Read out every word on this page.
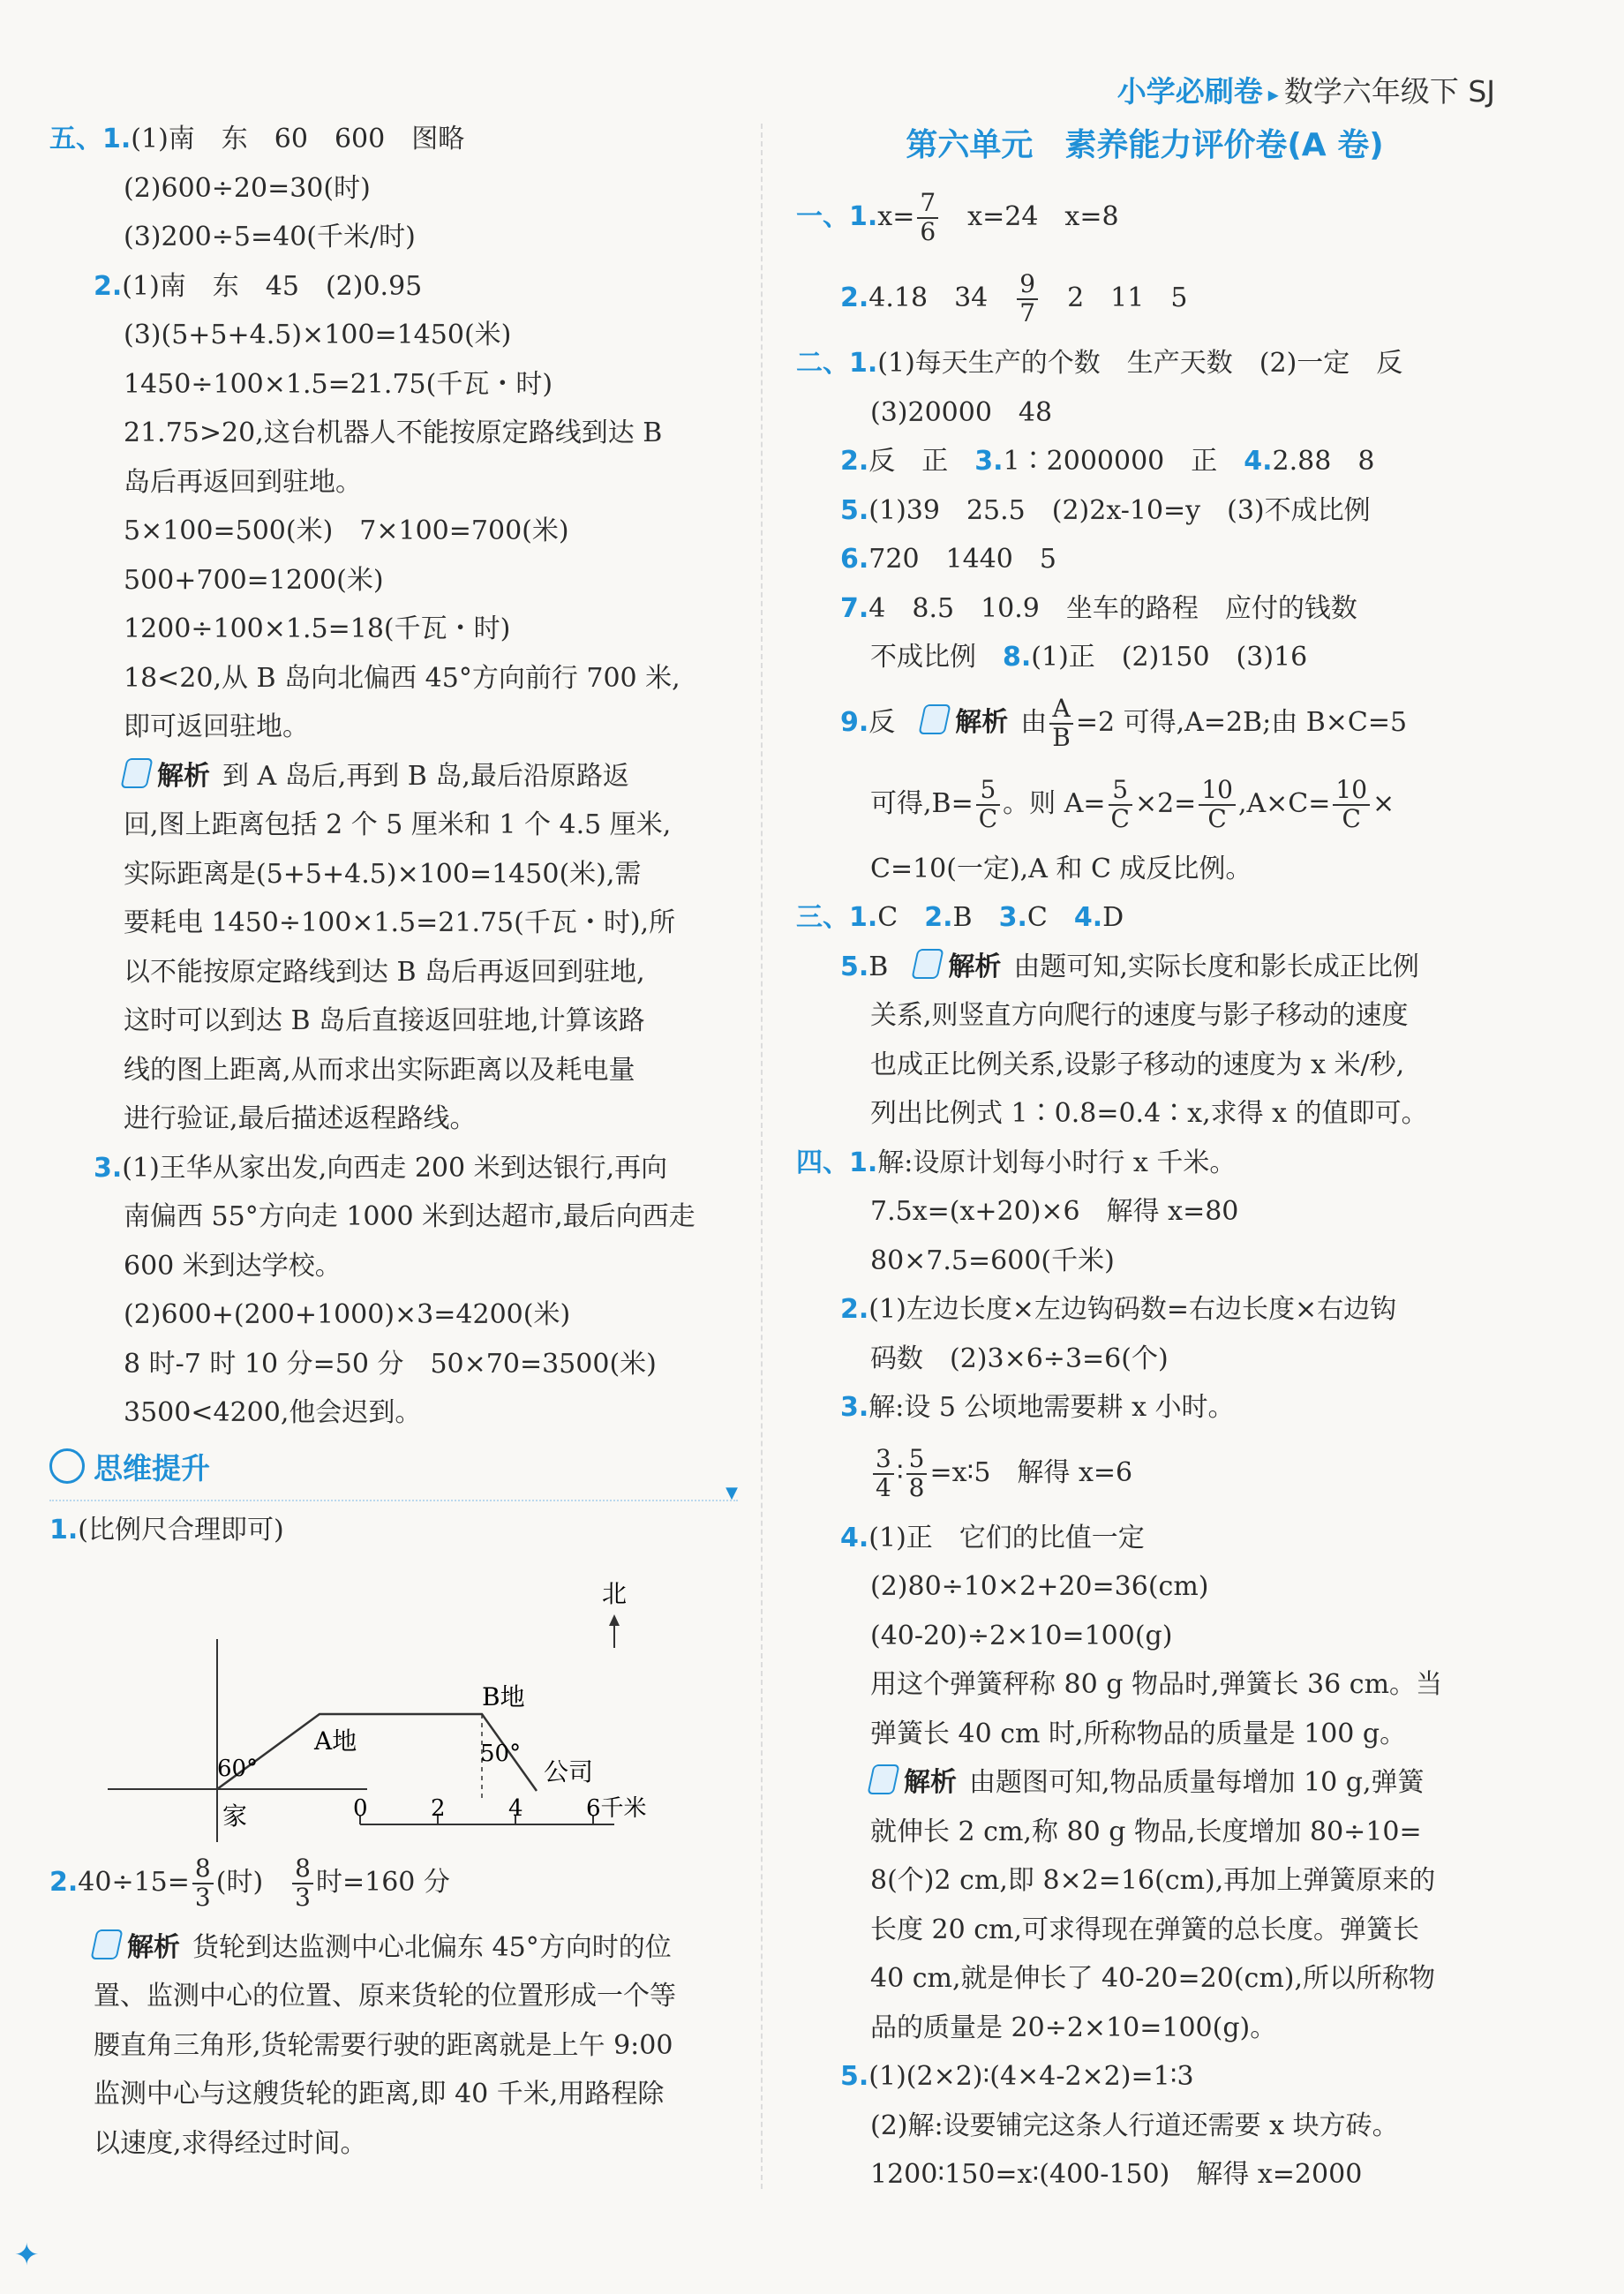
小学必刷卷 ▸ 数学六年级下 SJ
五、1.(1)南　东　60　600　图略
(2)600÷20=30(时)
(3)200÷5=40(千米/时)
2.(1)南　东　45　(2)0.95
(3)(5+5+4.5)×100=1450(米)
1450÷100×1.5=21.75(千瓦・时)
21.75>20,这台机器人不能按原定路线到达 B
岛后再返回到驻地。
5×100=500(米)　7×100=700(米)
500+700=1200(米)
1200÷100×1.5=18(千瓦・时)
18<20,从 B 岛向北偏西 45°方向前行 700 米,
即可返回驻地。
解析 到 A 岛后,再到 B 岛,最后沿原路返
回,图上距离包括 2 个 5 厘米和 1 个 4.5 厘米,
实际距离是(5+5+4.5)×100=1450(米),需
要耗电 1450÷100×1.5=21.75(千瓦・时),所
以不能按原定路线到达 B 岛后再返回到驻地,
这时可以到达 B 岛后直接返回驻地,计算该路
线的图上距离,从而求出实际距离以及耗电量
进行验证,最后描述返程路线。
3.(1)王华从家出发,向西走 200 米到达银行,再向
南偏西 55°方向走 1000 米到达超市,最后向西走
600 米到达学校。
(2)600+(200+1000)×3=4200(米)
8 时-7 时 10 分=50 分　50×70=3500(米)
3500<4200,他会迟到。
思维提升
▼
1.(比例尺合理即可)
北
家
A地
B地
公司
60°
50°
0	2	4	6千米
$2.40\div 15= \frac{8}{3}$ (时)　 $\frac{8}{3}$ 时=160 分
解析 货轮到达监测中心北偏东 45°方向时的位
置、监测中心的位置、原来货轮的位置形成一个等
腰直角三角形,货轮需要行驶的距离就是上午 9:00
监测中心与这艘货轮的距离,即 40 千米,用路程除
以速度,求得经过时间。
第六单元　素养能力评价卷(A 卷)
一、$1.x= \frac{7}{6}$ 　x=24　x=8
2.4.18　34　 $\frac{9}{7}$ 　2　11　5
二、1.(1)每天生产的个数　生产天数　(2)一定　反
(3)20000　48
2.反　正　3.1∶2000000　正　4.2.88　8
5.(1)39　25.5　(2)2x-10=y　(3)不成比例
6.720　1440　5
7.4　8.5　10.9　坐车的路程　应付的钱数
不成比例　8.(1)正　(2)150　(3)16
9.反　 解析 由 $\frac{A}{B} =2$ 可得,A=2B;由 B×C=5
可得$,B= \frac{5}{C}$ 。则 $A= \frac{5}{C} \times 2= \frac{10}{C} ,A\times C= \frac{10}{C}$ ×
C=10(一定),A 和 C 成反比例。
三、1.C　2.B　3.C　4.D
5.B　 解析 由题可知,实际长度和影长成正比例
关系,则竖直方向爬行的速度与影子移动的速度
也成正比例关系,设影子移动的速度为 x 米/秒,
列出比例式 1∶0.8=0.4∶x,求得 x 的值即可。
四、1.解:设原计划每小时行 x 千米。
7.5x=(x+20)×6　解得 x=80
80×7.5=600(千米)
2.(1)左边长度×左边钩码数=右边长度×右边钩
码数　(2)3×6÷3=6(个)
3.解:设 5 公顷地需要耕 x 小时。
$\frac{3}{4}$ ∶ $\frac{5}{8}$ =x∶5　解得 x=6
4.(1)正　它们的比值一定
(2)80÷10×2+20=36(cm)
(40-20)÷2×10=100(g)
用这个弹簧秤称 80 g 物品时,弹簧长 36 cm。当
弹簧长 40 cm 时,所称物品的质量是 100 g。
解析 由题图可知,物品质量每增加 10 g,弹簧
就伸长 2 cm,称 80 g 物品,长度增加 80÷10=
8(个)2 cm,即 8×2=16(cm),再加上弹簧原来的
长度 20 cm,可求得现在弹簧的总长度。弹簧长
40 cm,就是伸长了 40-20=20(cm),所以所称物
品的质量是 20÷2×10=100(g)。
5.(1)(2×2)∶(4×4-2×2)=1∶3
(2)解:设要铺完这条人行道还需要 x 块方砖。
1200∶150=x∶(400-150)　解得 x=2000
✦
